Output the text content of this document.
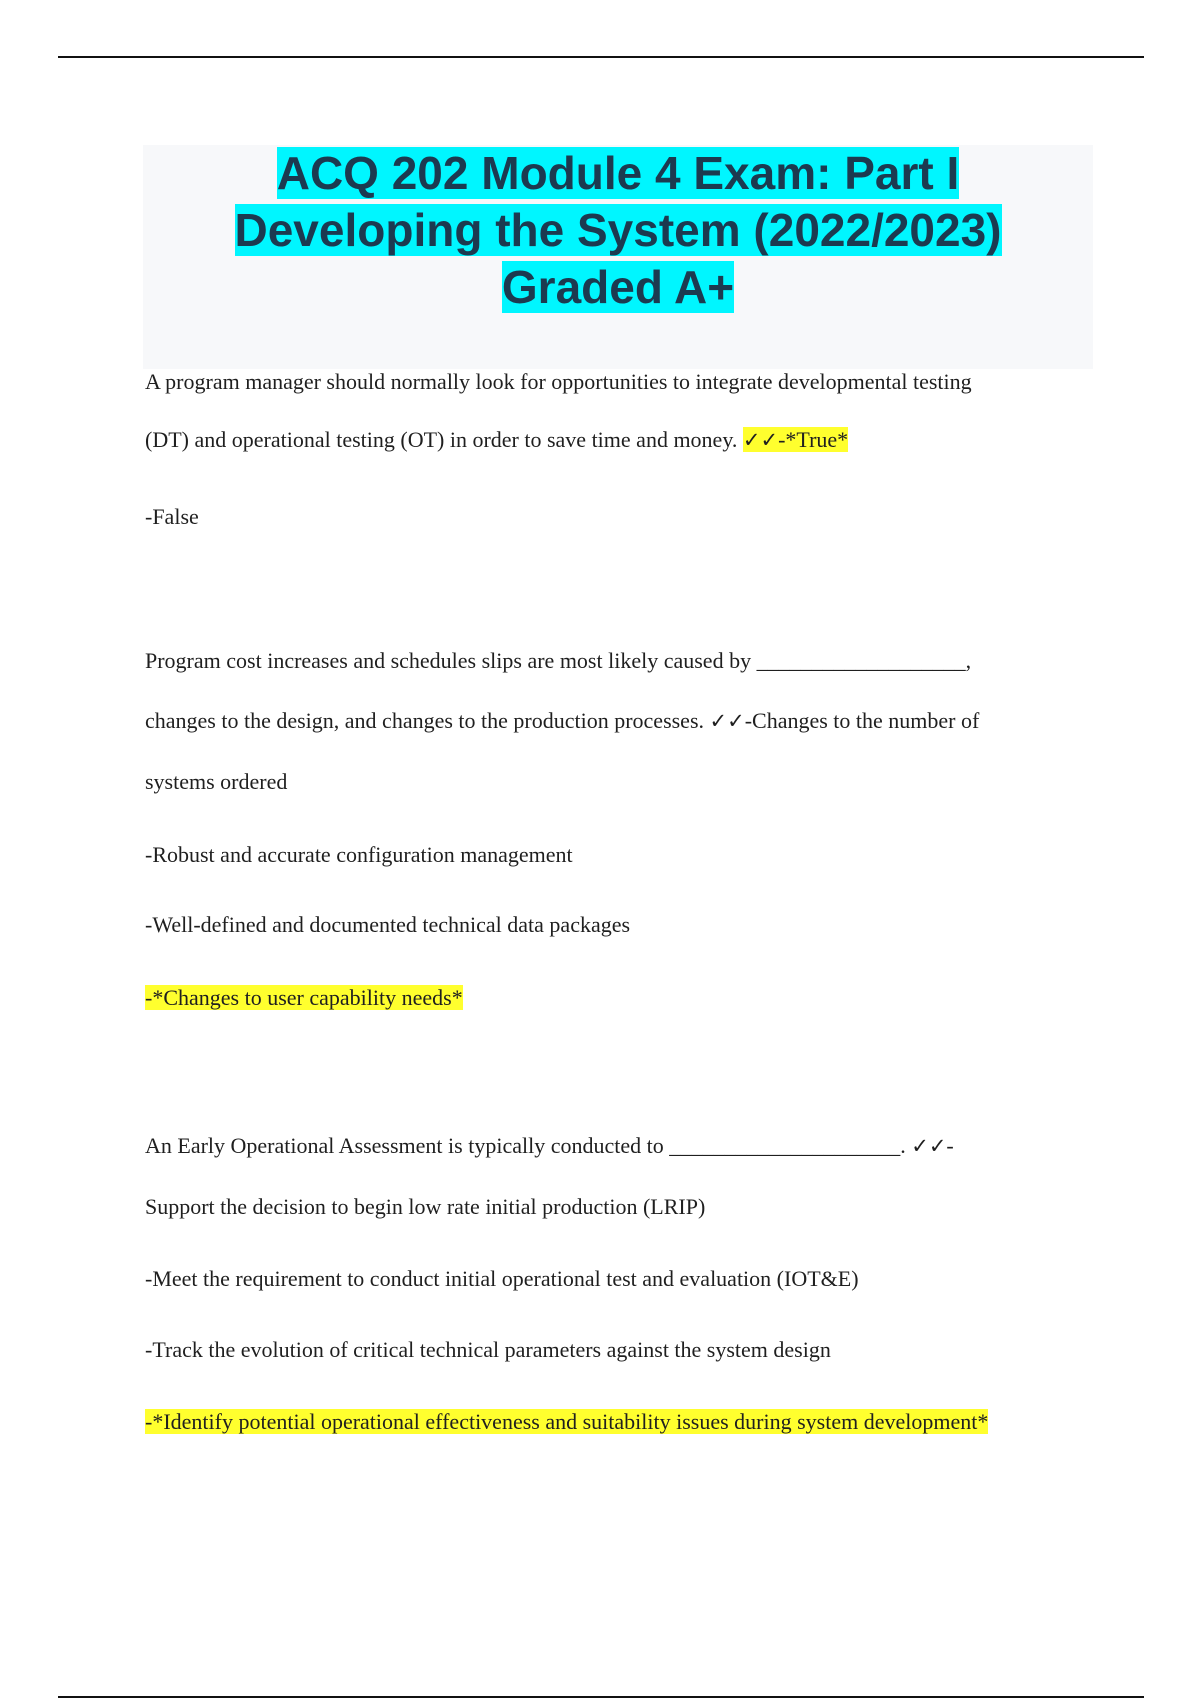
ACQ 202 Module 4 Exam: Part I
Developing the System (2022/2023)
Graded A+
A program manager should normally look for opportunities to integrate developmental testing
(DT) and operational testing (OT) in order to save time and money. ✓✓-*True*
-False
Program cost increases and schedules slips are most likely caused by ___________________,
changes to the design, and changes to the production processes. ✓✓-Changes to the number of
systems ordered
-Robust and accurate configuration management
-Well-defined and documented technical data packages
-*Changes to user capability needs*
An Early Operational Assessment is typically conducted to _____________________. ✓✓-
Support the decision to begin low rate initial production (LRIP)
-Meet the requirement to conduct initial operational test and evaluation (IOT&E)
-Track the evolution of critical technical parameters against the system design
-*Identify potential operational effectiveness and suitability issues during system development*
